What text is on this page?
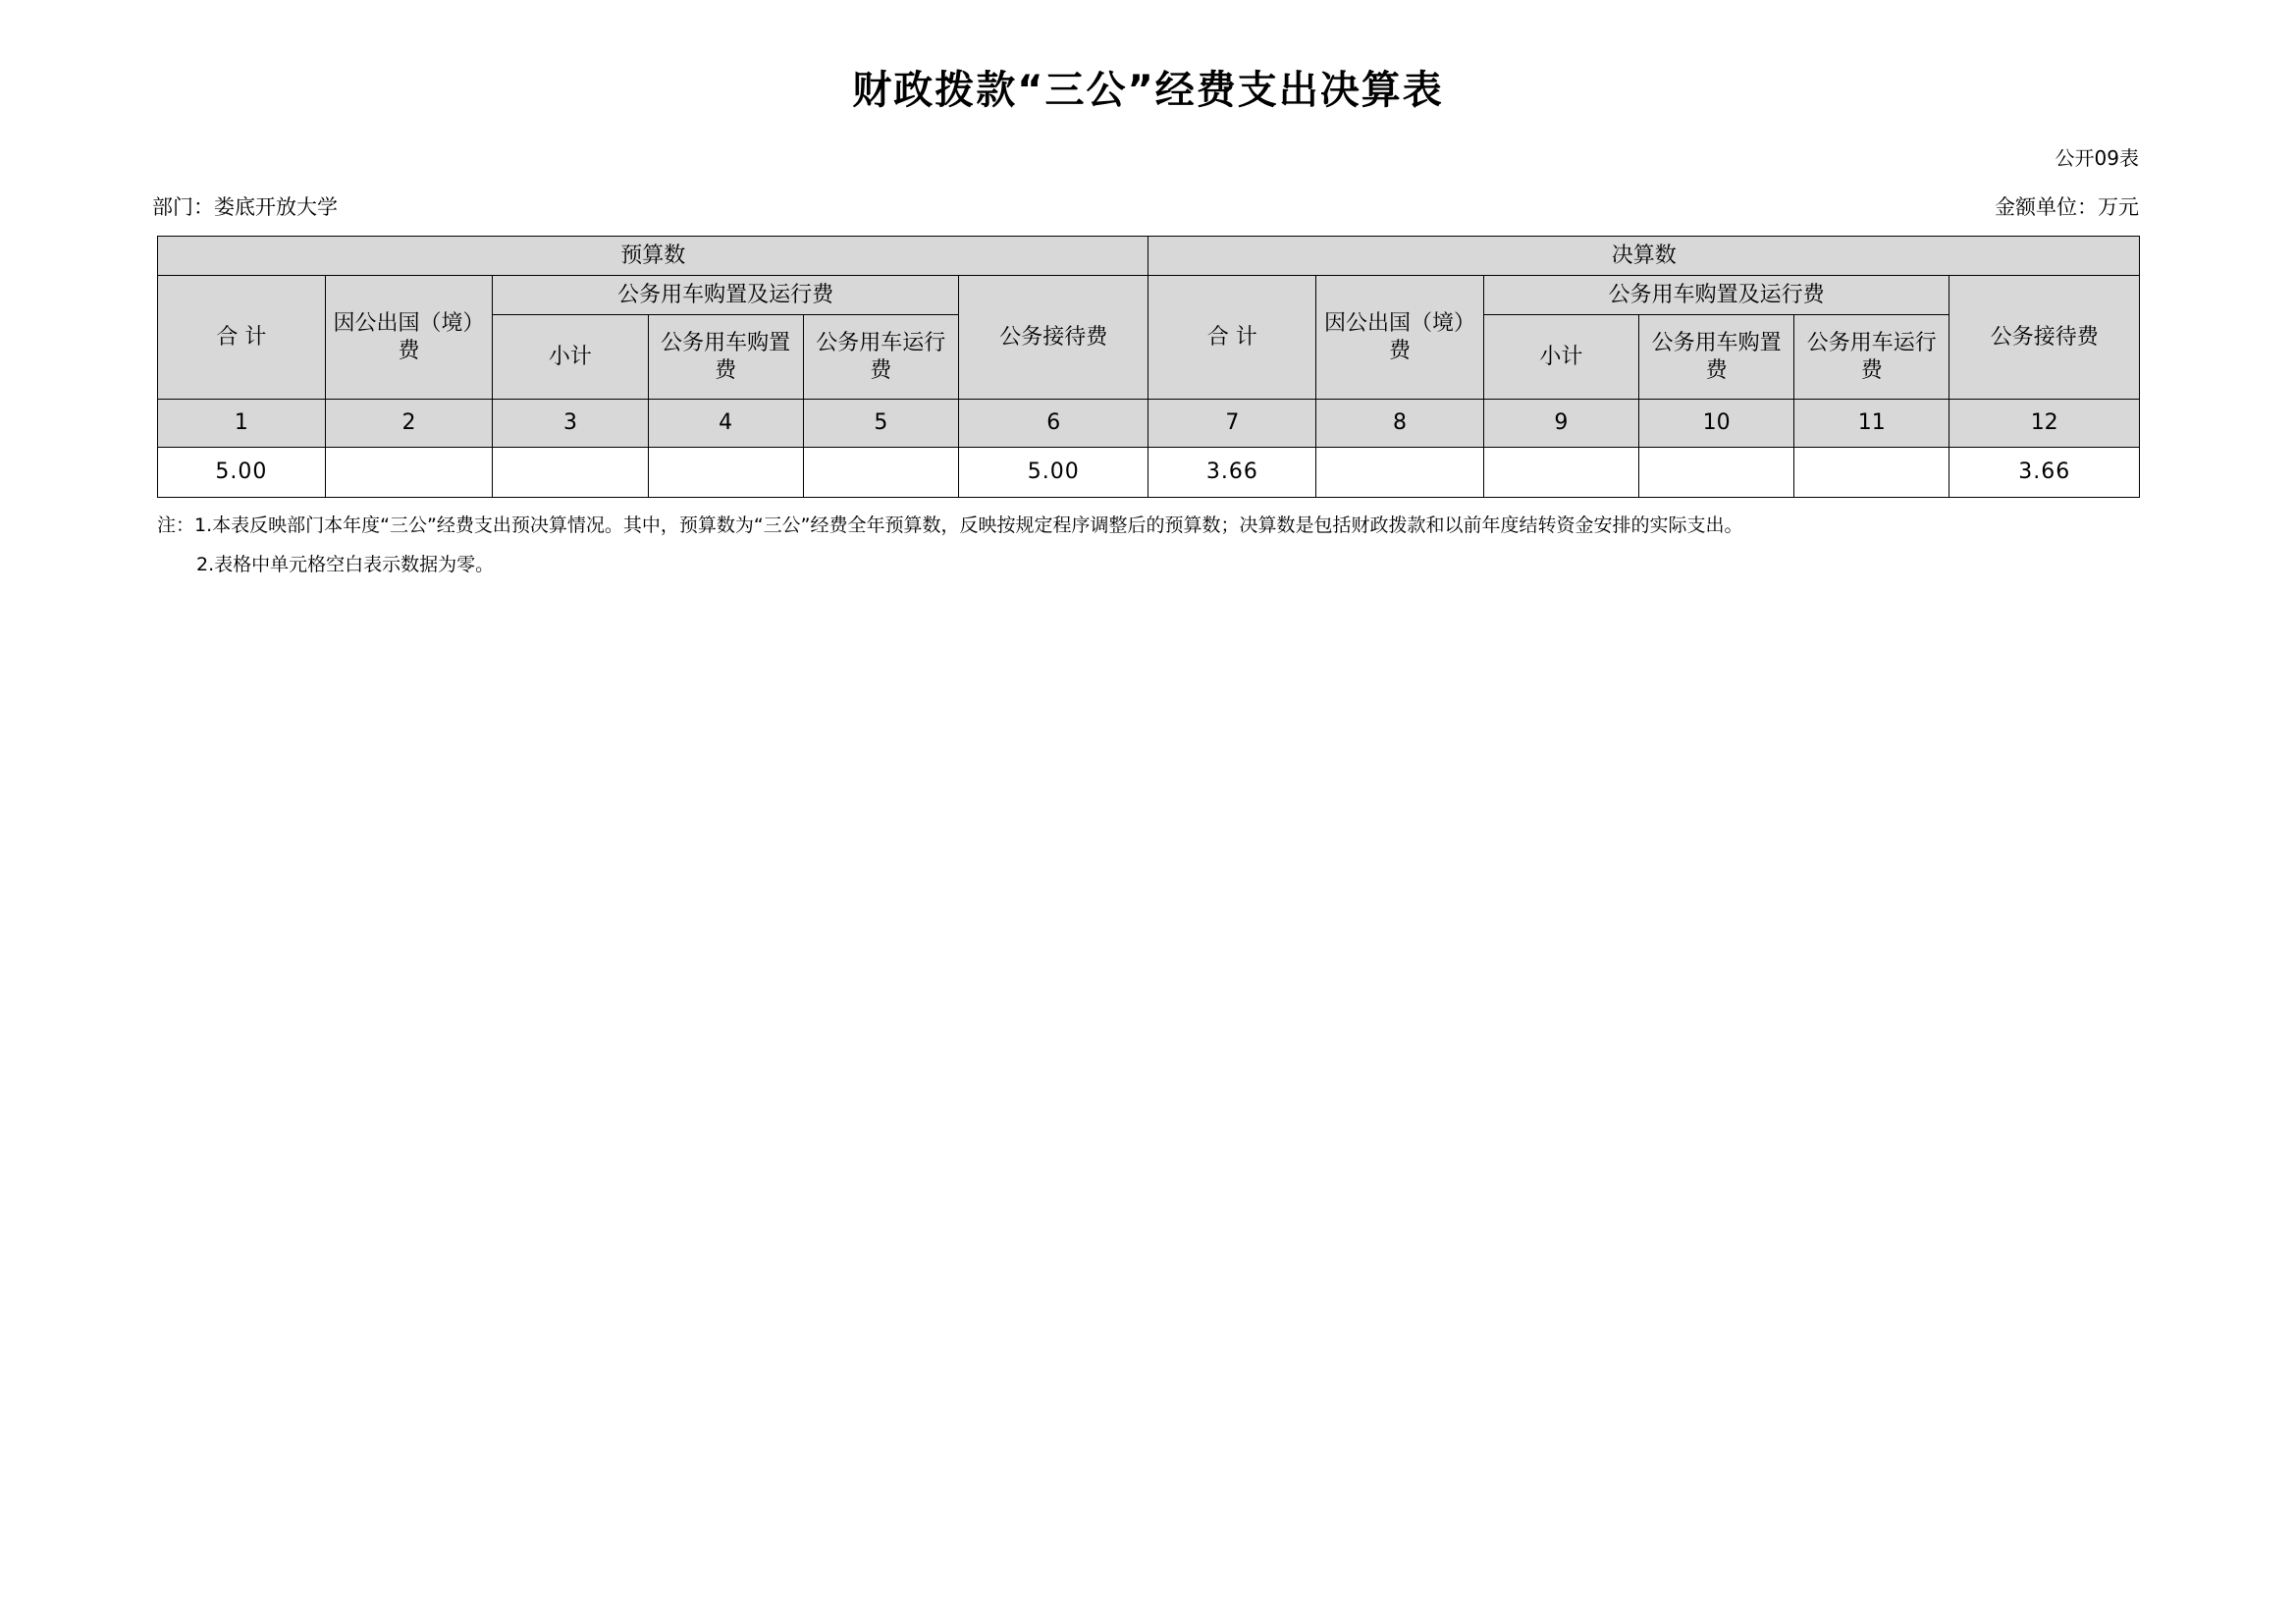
财政拨款“三公”经费支出决算表
公开09表
部门：娄底开放大学	金额单位：万元
预算数						决算数					
合 计	因公出国（境）费	公务用车购置及运行费			公务接待费	合 计	因公出国（境）费	公务用车购置及运行费			公务接待费
		小计	公务用车购置费	公务用车运行费				小计	公务用车购置费	公务用车运行费	
1	2	3	4	5	6	7	8	9	10	11	12
5.00					5.00	3.66					3.66

注：1.本表反映部门本年度“三公”经费支出预决算情况。其中，预算数为“三公”经费全年预算数，反映按规定程序调整后的预算数；决算数是包括财政拨款和以前年度结转资金安排的实际支出。

2.表格中单元格空白表示数据为零。
